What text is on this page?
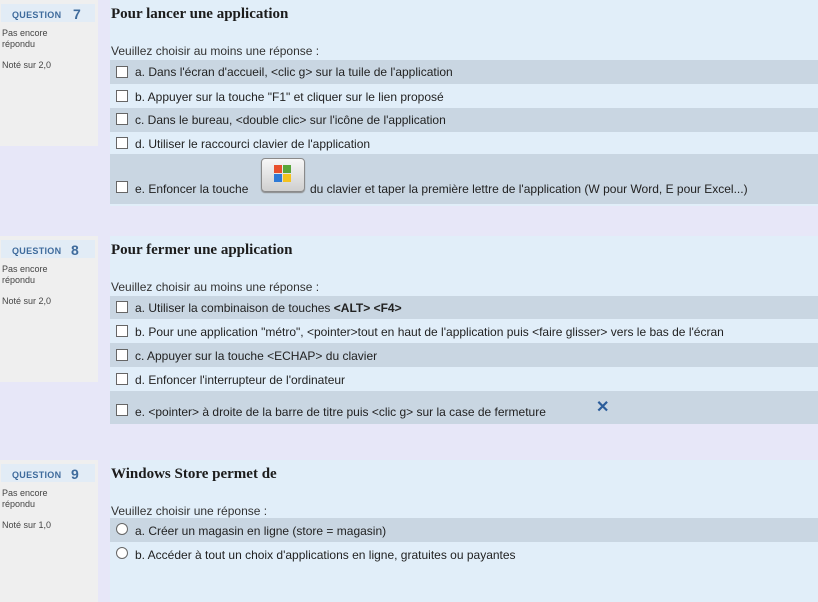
QUESTION 7
Pas encore répondu
Noté sur 2,0
Pour lancer une application
Veuillez choisir au moins une réponse :
a. Dans l'écran d'accueil, <clic g> sur la tuile de l'application
b. Appuyer sur la touche "F1" et cliquer sur le lien proposé
c. Dans le bureau, <double clic> sur l'icône de l'application
d. Utiliser le raccourci clavier de l'application
e. Enfoncer la touche	du clavier et taper la première lettre de l'application (W pour Word, E pour Excel...)
QUESTION 8
Pas encore répondu
Noté sur 2,0
Pour fermer une application
Veuillez choisir au moins une réponse :
a. Utiliser la combinaison de touches <ALT> <F4>
b. Pour une application "métro", <pointer>tout en haut de l'application puis <faire glisser> vers le bas de l'écran
c. Appuyer sur la touche <ECHAP> du clavier
d. Enfoncer l'interrupteur de l'ordinateur
e. <pointer> à droite de la barre de titre puis <clic g> sur la case de fermeture	✕
QUESTION 9
Pas encore répondu
Noté sur 1,0
Windows Store permet de
Veuillez choisir une réponse :
a. Créer un magasin en ligne (store = magasin)
b. Accéder à tout un choix d'applications en ligne, gratuites ou payantes
